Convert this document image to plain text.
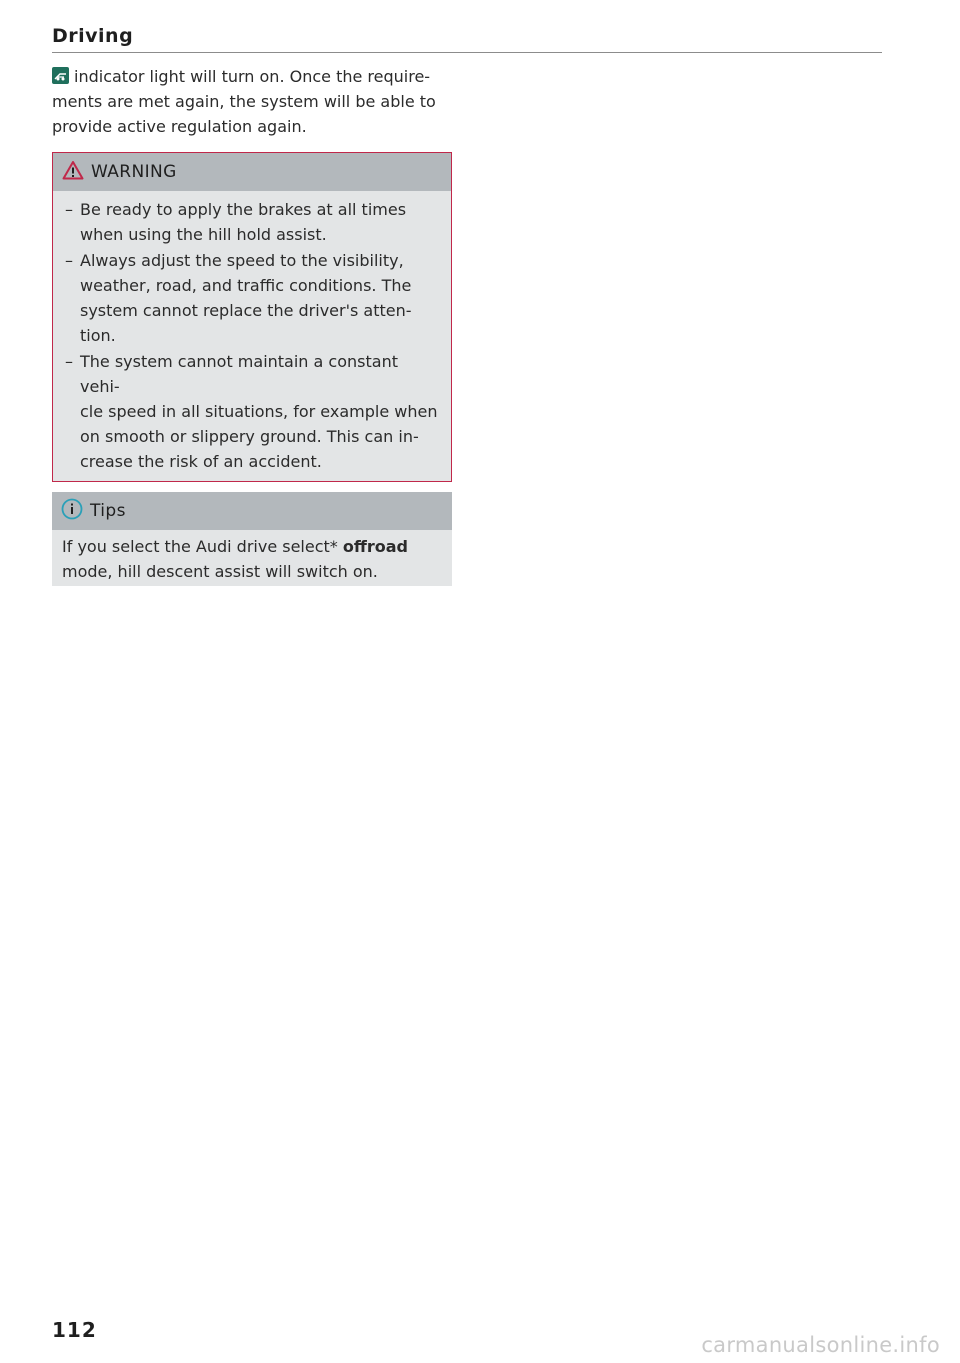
Driving
indicator light will turn on. Once the require-
ments are met again, the system will be able to
provide active regulation again.
WARNING
– Be ready to apply the brakes at all times
when using the hill hold assist.
– Always adjust the speed to the visibility,
weather, road, and traffic conditions. The
system cannot replace the driver's atten-
tion.
– The system cannot maintain a constant vehi-
cle speed in all situations, for example when
on smooth or slippery ground. This can in-
crease the risk of an accident.
Tips
If you select the Audi drive select* offroad
mode, hill descent assist will switch on.
112
carmanualsonline.info
